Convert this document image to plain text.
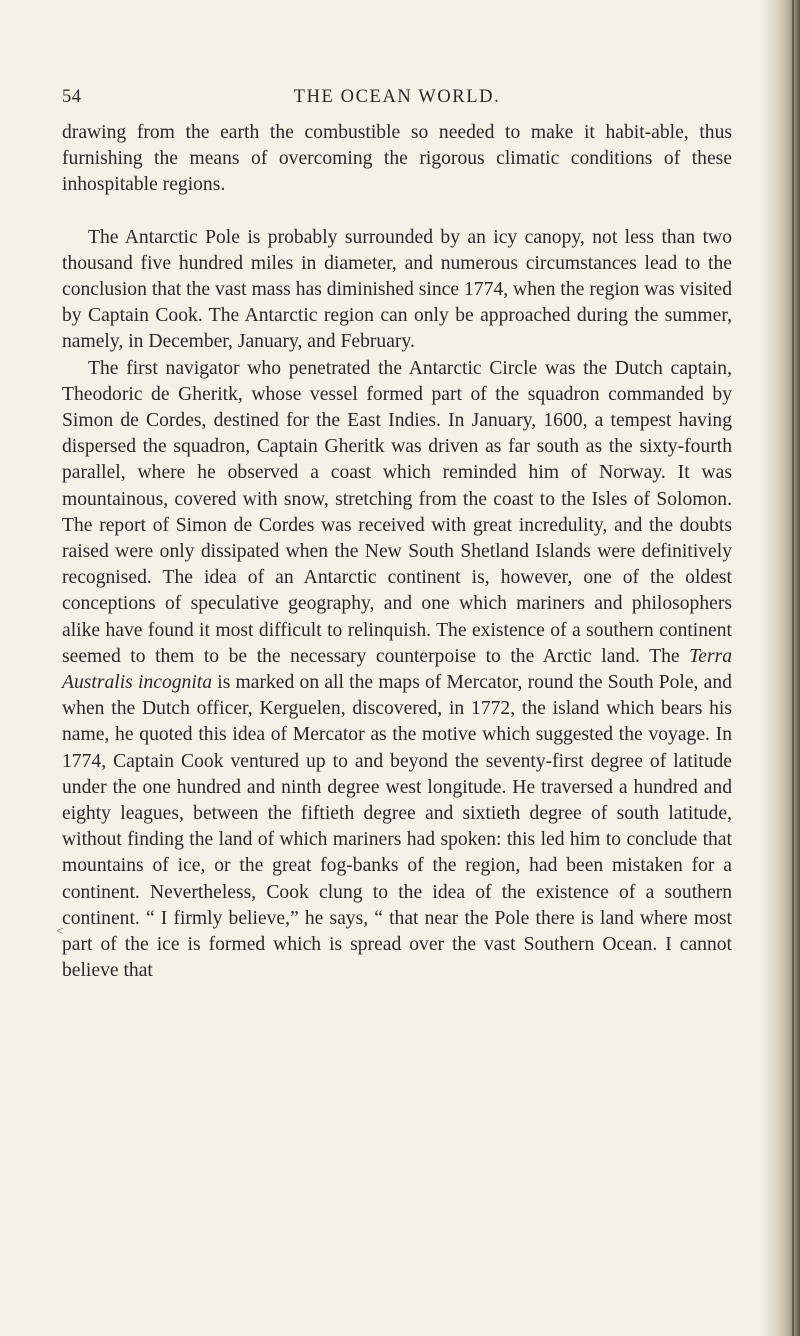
54	THE OCEAN WORLD.

drawing from the earth the combustible so needed to make it habit-able, thus furnishing the means of overcoming the rigorous climatic conditions of these inhospitable regions.

The Antarctic Pole is probably surrounded by an icy canopy, not less than two thousand five hundred miles in diameter, and numerous circumstances lead to the conclusion that the vast mass has diminished since 1774, when the region was visited by Captain Cook. The Antarctic region can only be approached during the summer, namely, in December, January, and February.

The first navigator who penetrated the Antarctic Circle was the Dutch captain, Theodoric de Gheritk, whose vessel formed part of the squadron commanded by Simon de Cordes, destined for the East Indies. In January, 1600, a tempest having dispersed the squadron, Captain Gheritk was driven as far south as the sixty-fourth parallel, where he observed a coast which reminded him of Norway. It was mountainous, covered with snow, stretching from the coast to the Isles of Solomon. The report of Simon de Cordes was received with great incredulity, and the doubts raised were only dissipated when the New South Shetland Islands were definitively recognised. The idea of an Antarctic continent is, however, one of the oldest conceptions of speculative geography, and one which mariners and philosophers alike have found it most difficult to relinquish. The existence of a southern continent seemed to them to be the necessary counterpoise to the Arctic land. The Terra Australis incognita is marked on all the maps of Mercator, round the South Pole, and when the Dutch officer, Kerguelen, discovered, in 1772, the island which bears his name, he quoted this idea of Mercator as the motive which suggested the voyage. In 1774, Captain Cook ventured up to and beyond the seventy-first degree of latitude under the one hundred and ninth degree west longitude. He traversed a hundred and eighty leagues, between the fiftieth degree and sixtieth degree of south latitude, without finding the land of which mariners had spoken: this led him to conclude that mountains of ice, or the great fog-banks of the region, had been mistaken for a continent. Nevertheless, Cook clung to the idea of the existence of a southern continent. “ I firmly believe,” he says, “ that near the Pole there is land where most part of the ice is formed which is spread over the vast Southern Ocean. I cannot believe that

<
